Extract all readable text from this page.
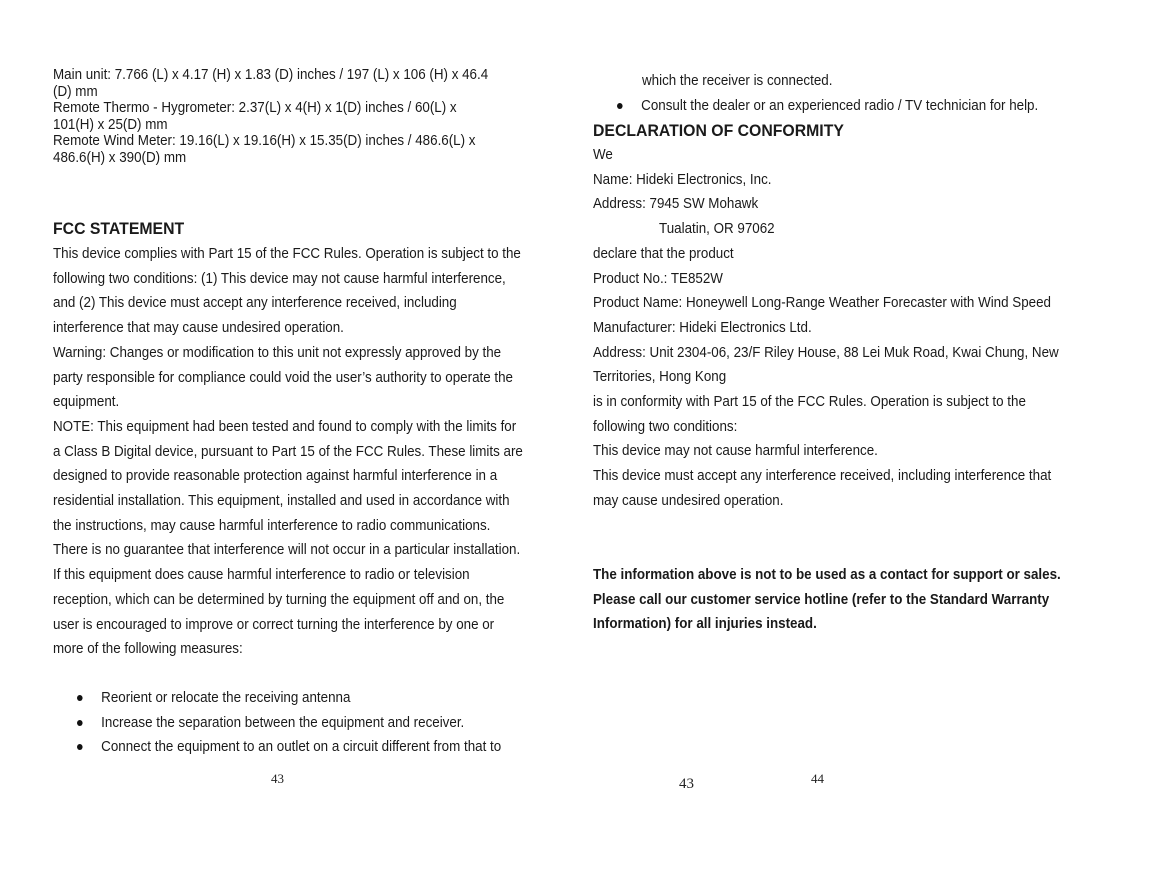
Main unit: 7.766 (L) x 4.17 (H) x 1.83 (D) inches / 197 (L) x 106 (H) x 46.4 (D) mm

Remote Thermo - Hygrometer: 2.37(L) x 4(H) x 1(D) inches / 60(L) x 101(H) x 25(D) mm

Remote Wind Meter: 19.16(L) x 19.16(H) x 15.35(D) inches / 486.6(L) x 486.6(H) x 390(D) mm

FCC STATEMENT

This device complies with Part 15 of the FCC Rules. Operation is subject to the

following two conditions: (1) This device may not cause harmful interference,

and (2) This device must accept any interference received, including

interference that may cause undesired operation.

Warning: Changes or modification to this unit not expressly approved by the

party responsible for compliance could void the user’s authority to operate the

equipment.

NOTE: This equipment had been tested and found to comply with the limits for

a Class B Digital device, pursuant to Part 15 of the FCC Rules. These limits are

designed to provide reasonable protection against harmful interference in a

residential installation. This equipment, installed and used in accordance with

the instructions, may cause harmful interference to radio communications.

There is no guarantee that interference will not occur in a particular installation.

If this equipment does cause harmful interference to radio or television

reception, which can be determined by turning the equipment off and on, the

user is encouraged to improve or correct turning the interference by one or

more of the following measures:

Reorient or relocate the receiving antenna
Increase the separation between the equipment and receiver.
Connect the equipment to an outlet on a circuit different from that to
43
which the receiver is connected.
Consult the dealer or an experienced radio / TV technician for help.
DECLARATION OF CONFORMITY

We

Name: Hideki Electronics, Inc.

Address: 7945 SW Mohawk

Tualatin, OR 97062

declare that the product

Product No.: TE852W

Product Name: Honeywell Long-Range Weather Forecaster with Wind Speed

Manufacturer: Hideki Electronics Ltd.

Address: Unit 2304-06, 23/F Riley House, 88 Lei Muk Road, Kwai Chung, New

Territories, Hong Kong

is in conformity with Part 15 of the FCC Rules. Operation is subject to the

following two conditions:

This device may not cause harmful interference.

This device must accept any interference received, including interference that

may cause undesired operation.

The information above is not to be used as a contact for support or sales.

Please call our customer service hotline (refer to the Standard Warranty

Information) for all injuries instead.

43	44
